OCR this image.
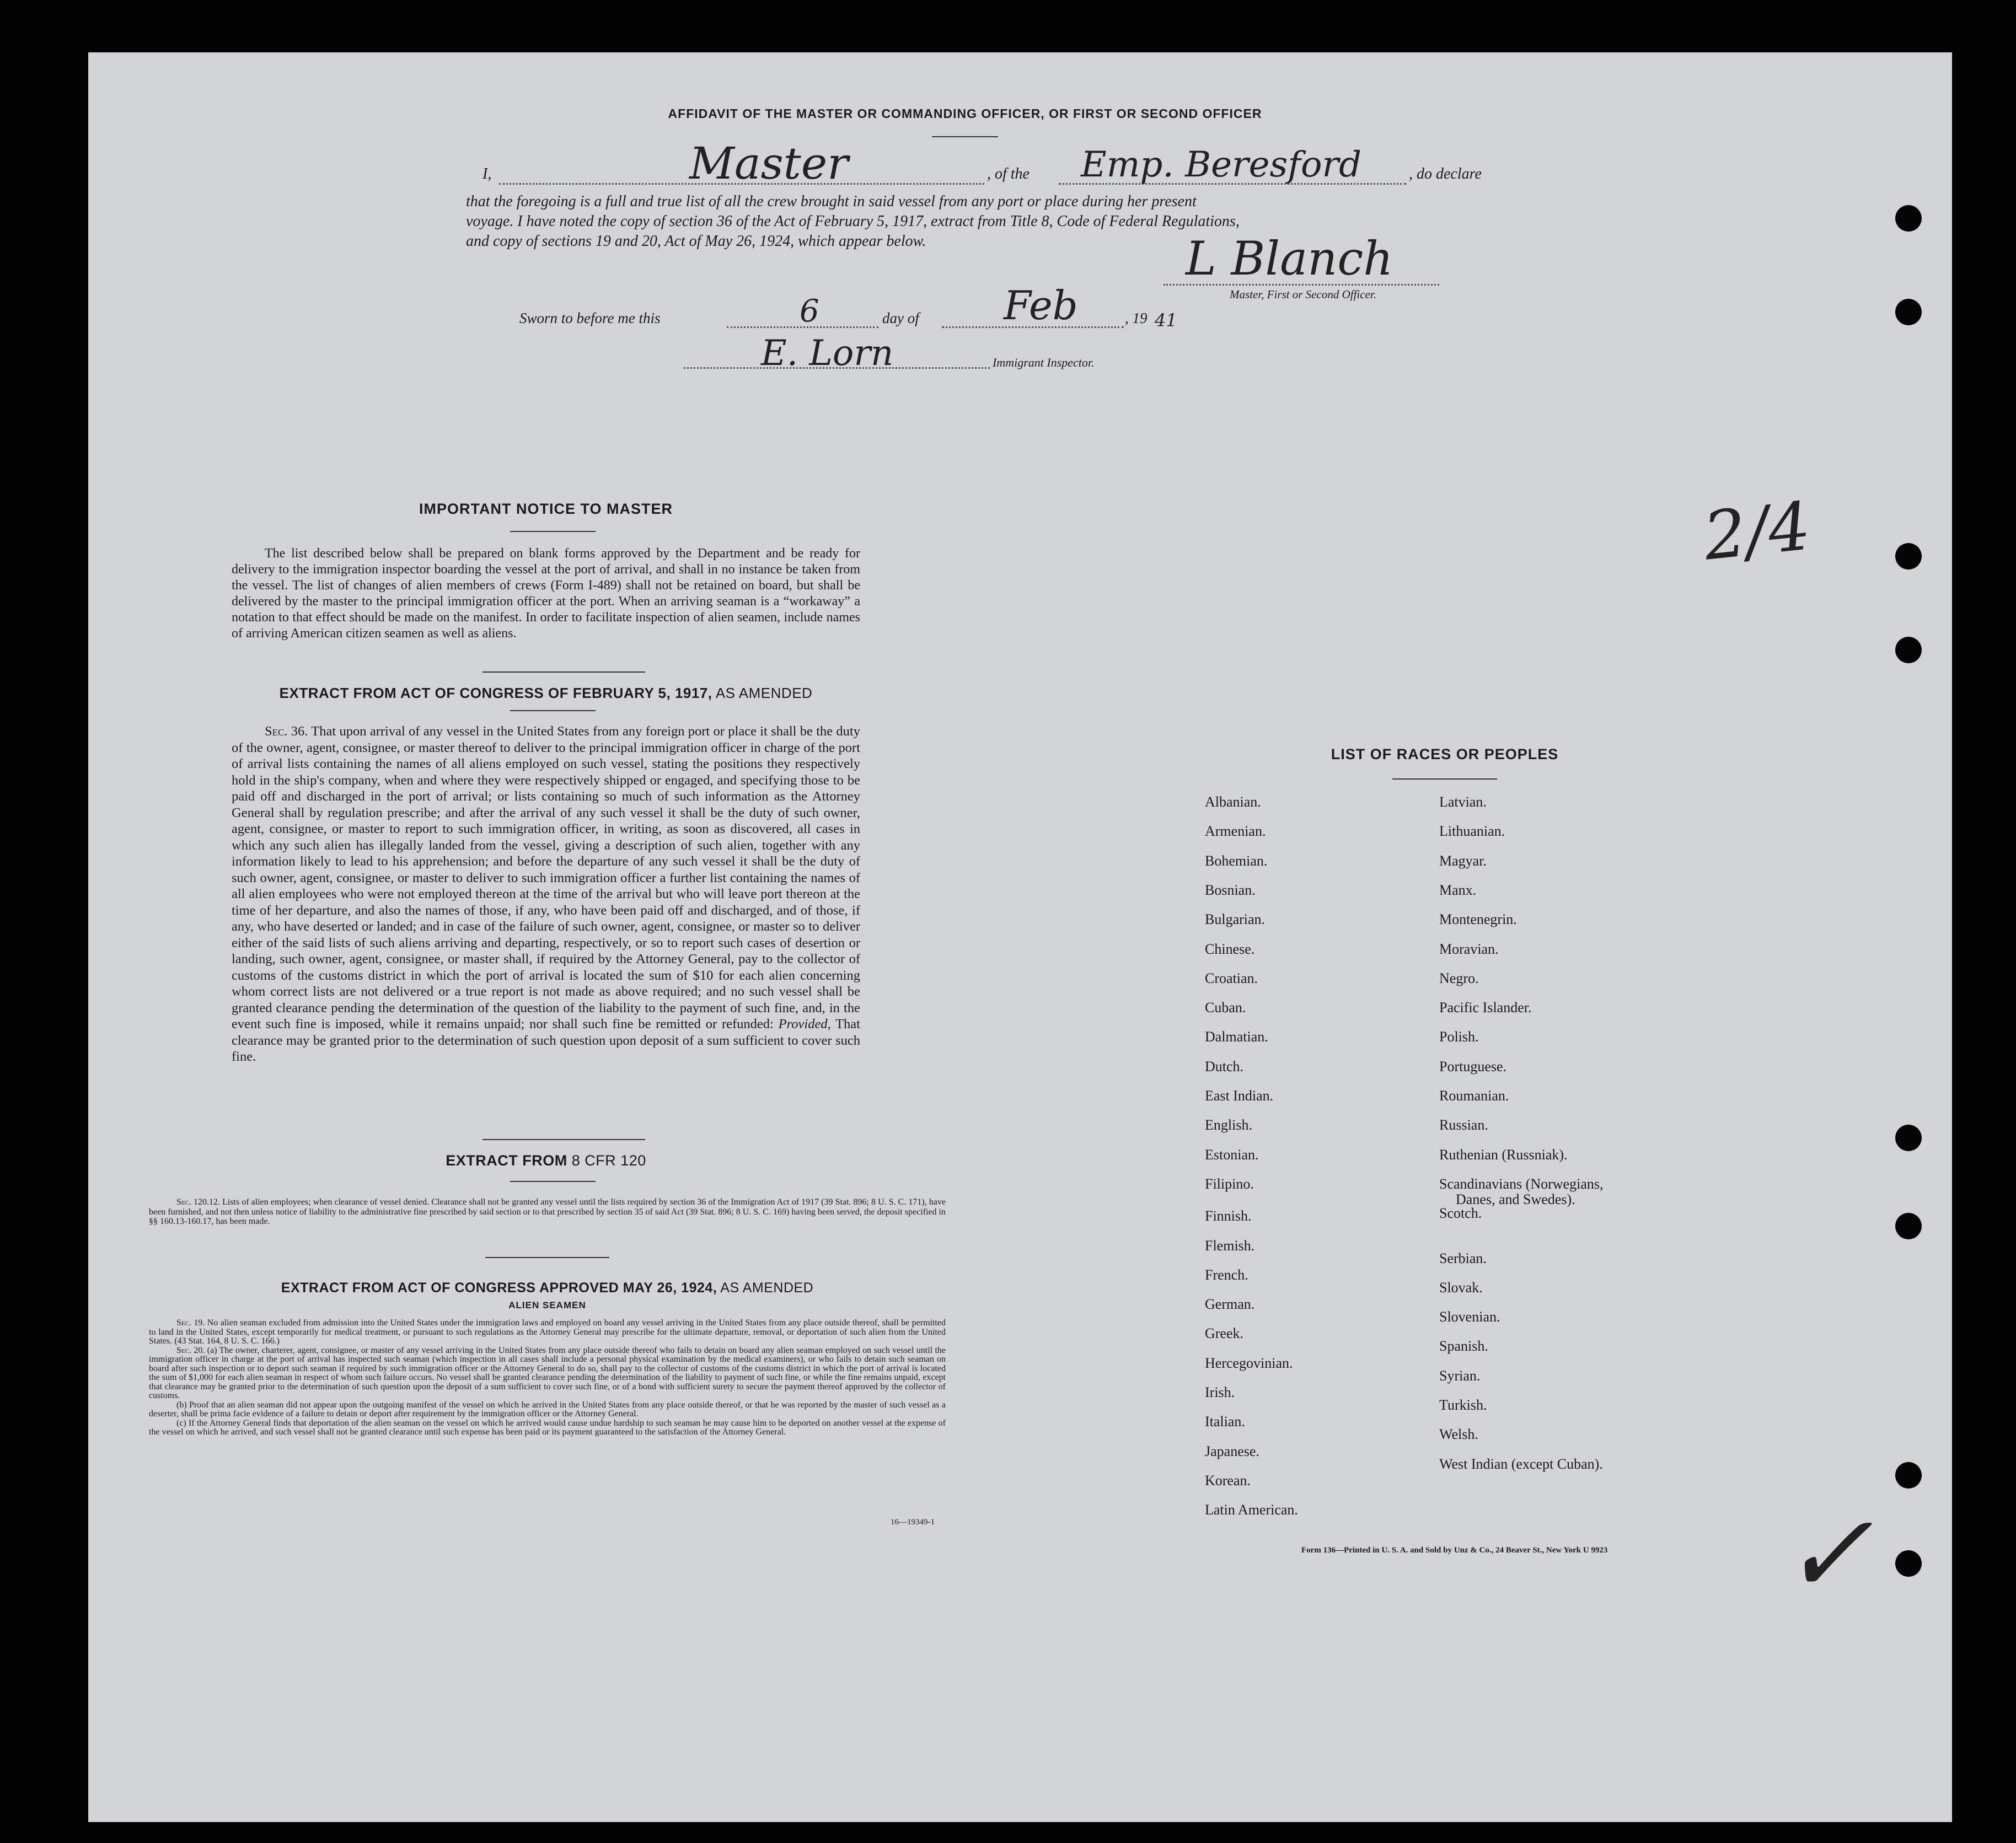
AFFIDAVIT OF THE MASTER OR COMMANDING OFFICER, OR FIRST OR SECOND OFFICER
I,	Master	, of the Emp. Beresford	, do declare
that the foregoing is a full and true list of all the crew brought in said vessel from any port or place during her present
voyage. I have noted the copy of section 36 of the Act of February 5, 1917, extract from Title 8, Code of Federal Regulations,
and copy of sections 19 and 20, Act of May 26, 1924, which appear below.	L Blanch
Master, First or Second Officer.
Sworn to before me this	6	day of Feb	, 19 41
E. Lorn	Immigrant Inspector.
2/4
✓
IMPORTANT NOTICE TO MASTER
The list described below shall be prepared on blank forms approved by the Department and be ready for delivery to the immigration inspector boarding the vessel at the port of arrival, and shall in no instance be taken from the vessel. The list of changes of alien members of crews (Form I-489) shall not be retained on board, but shall be delivered by the master to the principal immigration officer at the port. When an arriving seaman is a “workaway” a notation to that effect should be made on the manifest. In order to facilitate inspection of alien seamen, include names of arriving American citizen seamen as well as aliens.
EXTRACT FROM ACT OF CONGRESS OF FEBRUARY 5, 1917, AS AMENDED
Sec. 36. That upon arrival of any vessel in the United States from any foreign port or place it shall be the duty of the owner, agent, consignee, or master thereof to deliver to the principal immigration officer in charge of the port of arrival lists containing the names of all aliens employed on such vessel, stating the positions they respectively hold in the ship's company, when and where they were respectively shipped or engaged, and specifying those to be paid off and discharged in the port of arrival; or lists containing so much of such information as the Attorney General shall by regulation prescribe; and after the arrival of any such vessel it shall be the duty of such owner, agent, consignee, or master to report to such immigration officer, in writing, as soon as discovered, all cases in which any such alien has illegally landed from the vessel, giving a description of such alien, together with any information likely to lead to his apprehension; and before the departure of any such vessel it shall be the duty of such owner, agent, consignee, or master to deliver to such immigration officer a further list containing the names of all alien employees who were not employed thereon at the time of the arrival but who will leave port thereon at the time of her departure, and also the names of those, if any, who have been paid off and discharged, and of those, if any, who have deserted or landed; and in case of the failure of such owner, agent, consignee, or master so to deliver either of the said lists of such aliens arriving and departing, respectively, or so to report such cases of desertion or landing, such owner, agent, consignee, or master shall, if required by the Attorney General, pay to the collector of customs of the customs district in which the port of arrival is located the sum of $10 for each alien concerning whom correct lists are not delivered or a true report is not made as above required; and no such vessel shall be granted clearance pending the determination of the question of the liability to the payment of such fine, and, in the event such fine is imposed, while it remains unpaid; nor shall such fine be remitted or refunded: Provided, That clearance may be granted prior to the determination of such question upon deposit of a sum sufficient to cover such fine.
EXTRACT FROM 8 CFR 120
Sec. 120.12. Lists of alien employees; when clearance of vessel denied. Clearance shall not be granted any vessel until the lists required by section 36 of the Immigration Act of 1917 (39 Stat. 896; 8 U. S. C. 171), have been furnished, and not then unless notice of liability to the administrative fine prescribed by said section or to that prescribed by section 35 of said Act (39 Stat. 896; 8 U. S. C. 169) having been served, the deposit specified in §§ 160.13-160.17, has been made.
EXTRACT FROM ACT OF CONGRESS APPROVED MAY 26, 1924, AS AMENDED
ALIEN SEAMEN
Sec. 19. No alien seaman excluded from admission into the United States under the immigration laws and employed on board any vessel arriving in the United States from any place outside thereof, shall be permitted to land in the United States, except temporarily for medical treatment, or pursuant to such regulations as the Attorney General may prescribe for the ultimate departure, removal, or deportation of such alien from the United States. (43 Stat. 164, 8 U. S. C. 166.)
Sec. 20. (a) The owner, charterer, agent, consignee, or master of any vessel arriving in the United States from any place outside thereof who fails to detain on board any alien seaman employed on such vessel until the immigration officer in charge at the port of arrival has inspected such seaman (which inspection in all cases shall include a personal physical examination by the medical examiners), or who fails to detain such seaman on board after such inspection or to deport such seaman if required by such immigration officer or the Attorney General to do so, shall pay to the collector of customs of the customs district in which the port of arrival is located the sum of $1,000 for each alien seaman in respect of whom such failure occurs. No vessel shall be granted clearance pending the determination of the liability to payment of such fine, or while the fine remains unpaid, except that clearance may be granted prior to the determination of such question upon the deposit of a sum sufficient to cover such fine, or of a bond with sufficient surety to secure the payment thereof approved by the collector of customs.
(b) Proof that an alien seaman did not appear upon the outgoing manifest of the vessel on which he arrived in the United States from any place outside thereof, or that he was reported by the master of such vessel as a deserter, shall be prima facie evidence of a failure to detain or deport after requirement by the immigration officer or the Attorney General.
(c) If the Attorney General finds that deportation of the alien seaman on the vessel on which he arrived would cause undue hardship to such seaman he may cause him to be deported on another vessel at the expense of the vessel on which he arrived, and such vessel shall not be granted clearance until such expense has been paid or its payment guaranteed to the satisfaction of the Attorney General.
16—19349-1
LIST OF RACES OR PEOPLES
Albanian.
Armenian.
Bohemian.
Bosnian.
Bulgarian.
Chinese.
Croatian.
Cuban.
Dalmatian.
Dutch.
East Indian.
English.
Estonian.
Filipino.
Finnish.
Flemish.
French.
German.
Greek.
Hercegovinian.
Irish.
Italian.
Japanese.
Korean.
Latin American.
Latvian.
Lithuanian.
Magyar.
Manx.
Montenegrin.
Moravian.
Negro.
Pacific Islander.
Polish.
Portuguese.
Roumanian.
Russian.
Ruthenian (Russniak).
Scandinavians (Norwegians,
Danes, and Swedes).
Scotch.
Serbian.
Slovak.
Slovenian.
Spanish.
Syrian.
Turkish.
Welsh.
West Indian (except Cuban).
Form 136—Printed in U. S. A. and Sold by Unz & Co., 24 Beaver St., New York U 9923
